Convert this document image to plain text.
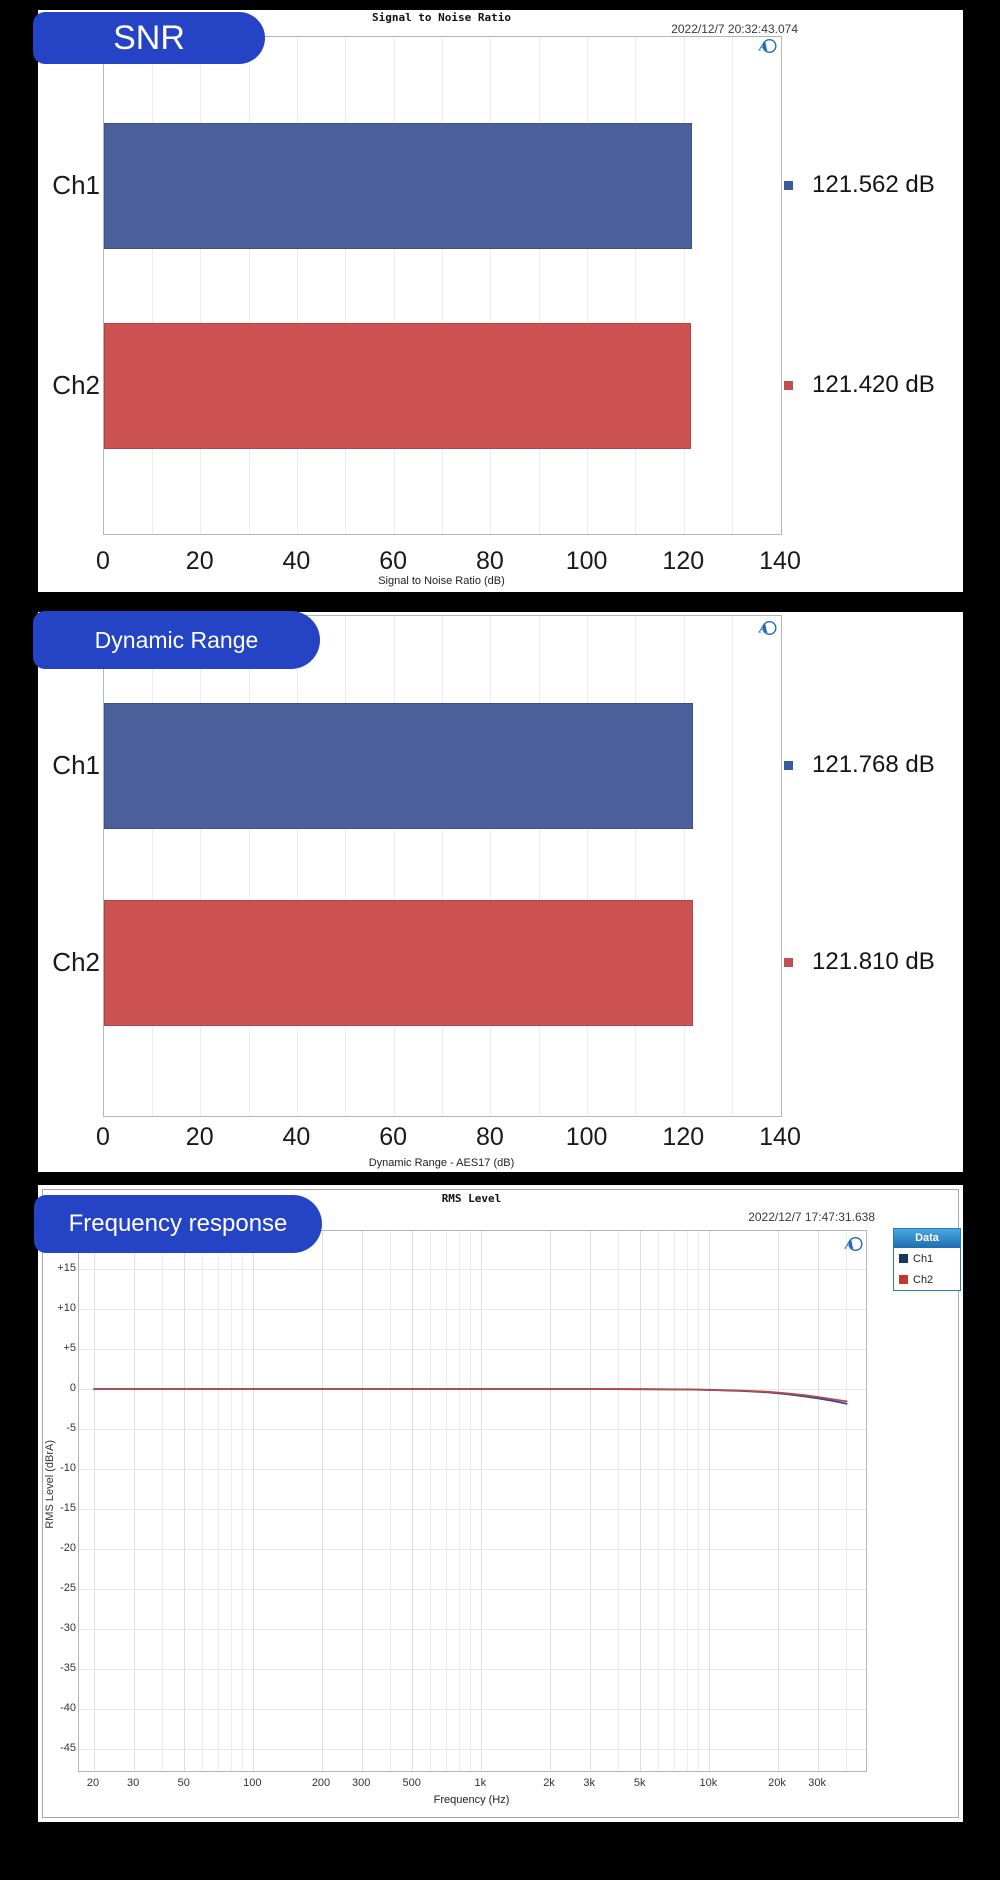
Signal to Noise Ratio
2022/12/7 20:32:43.074
A
Signal to Noise Ratio (dB)
SNR
Ch1	121.562 dB
Ch2	121.420 dB
0	20	40	60	80	100	120	140
A
Dynamic Range - AES17 (dB)
Dynamic Range
Ch1	121.768 dB
Ch2	121.810 dB
0	20	40	60	80	100	120	140
RMS Level
2022/12/7 17:47:31.638
A
RMS Level (dBrA)
Frequency (Hz)
Data
Ch1
Ch2
Frequency response
+15
+10
+5
0
-5
-10
-15
-20
-25
-30
-35
-40
-45
20	30	50	100	200	300	500	1k	2k	3k	5k	10k	20k	30k
